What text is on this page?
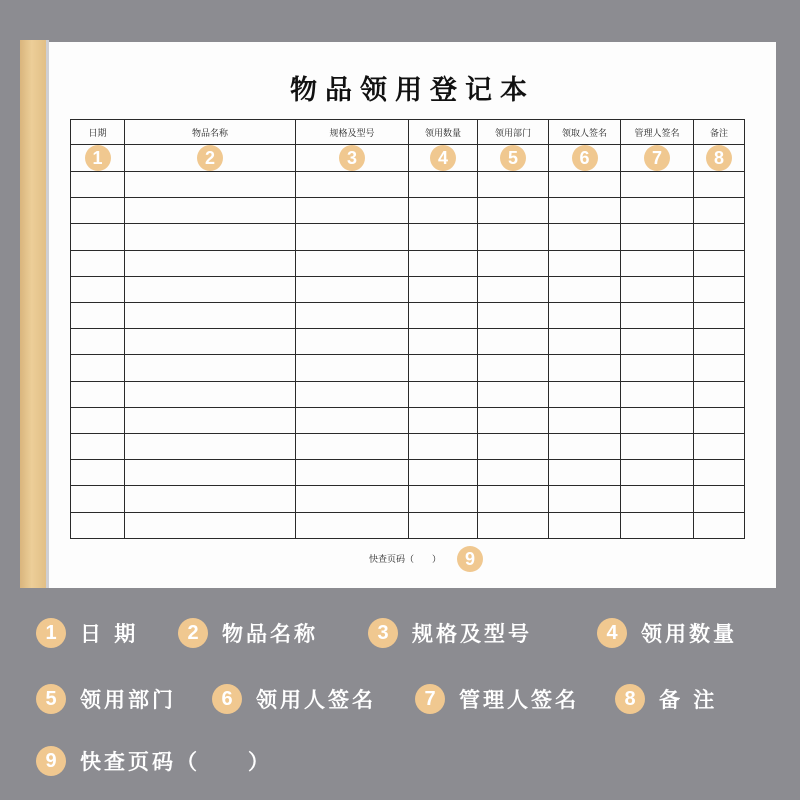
物品领用登记本
日期	物品名称	规格及型号	领用数量	领用部门	领取人签名	管理人签名	备注
1	2	3	4	5	6	7	8

快查页码（　　）	9
1	日 期	2	物品名称	3	规格及型号	4	领用数量
5	领用部门	6	领用人签名	7	管理人签名	8	备 注
9	快查页码（　　）
